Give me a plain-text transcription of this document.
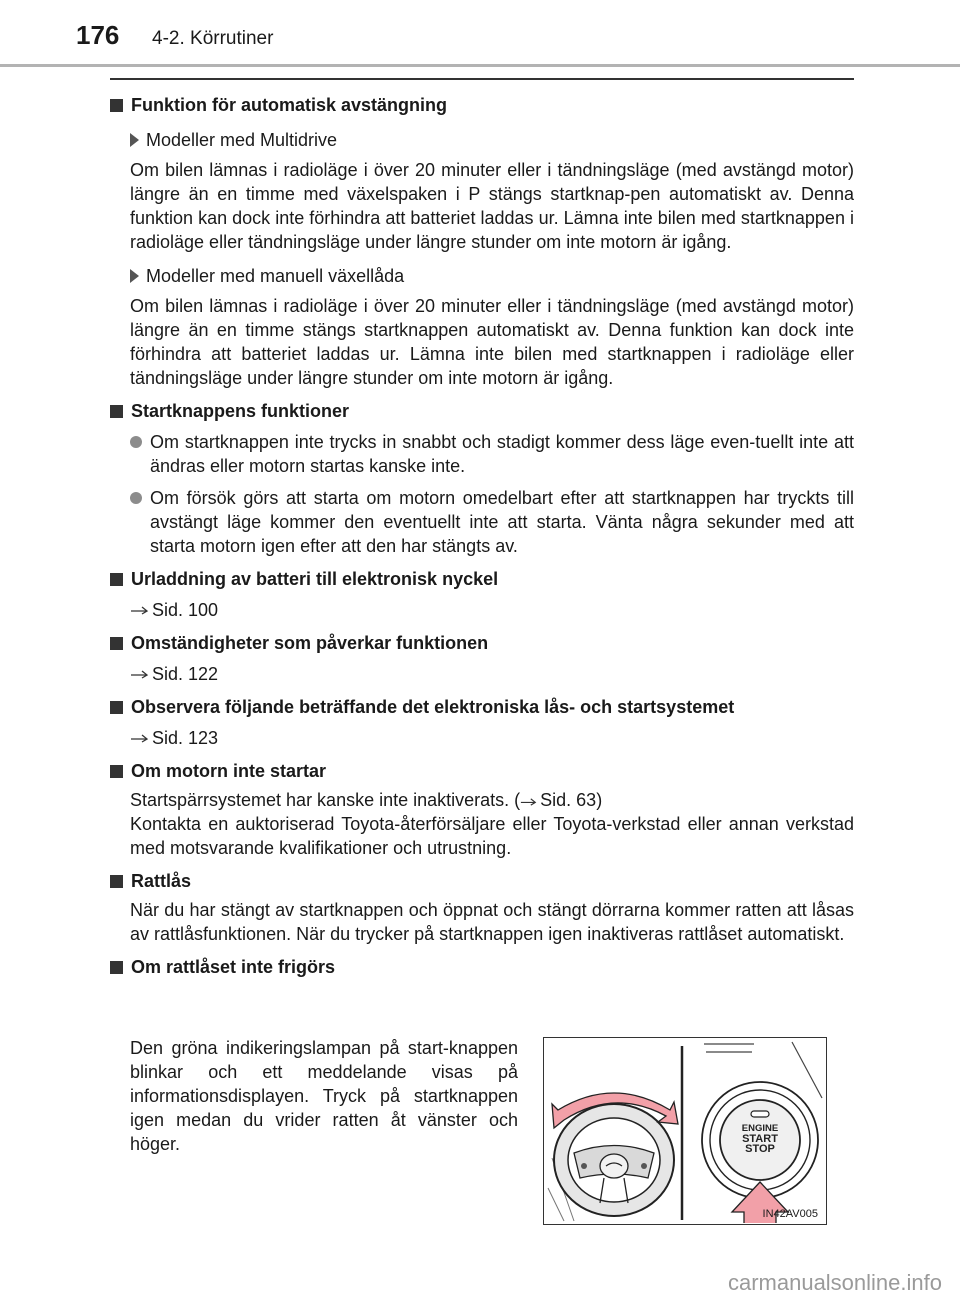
176 4-2. Körrutiner
Funktion för automatisk avstängning
Modeller med Multidrive
Om bilen lämnas i radioläge i över 20 minuter eller i tändningsläge (med avstängd motor) längre än en timme med växelspaken i P stängs startknap-pen automatiskt av. Denna funktion kan dock inte förhindra att batteriet laddas ur. Lämna inte bilen med startknappen i radioläge eller tändningsläge under längre stunder om inte motorn är igång.
Modeller med manuell växellåda
Om bilen lämnas i radioläge i över 20 minuter eller i tändningsläge (med avstängd motor) längre än en timme stängs startknappen automatiskt av. Denna funktion kan dock inte förhindra att batteriet laddas ur. Lämna inte bilen med startknappen i radioläge eller tändningsläge under längre stunder om inte motorn är igång.
Startknappens funktioner
Om startknappen inte trycks in snabbt och stadigt kommer dess läge even-tuellt inte att ändras eller motorn startas kanske inte.
Om försök görs att starta om motorn omedelbart efter att startknappen har tryckts till avstängt läge kommer den eventuellt inte att starta. Vänta några sekunder med att starta motorn igen efter att den har stängts av.
Urladdning av batteri till elektronisk nyckel
Sid. 100
Omständigheter som påverkar funktionen
Sid. 122
Observera följande beträffande det elektroniska lås- och startsystemet
Sid. 123
Om motorn inte startar
Startspärrsystemet har kanske inte inaktiverats. ( Sid. 63)
Kontakta en auktoriserad Toyota-återförsäljare eller Toyota-verkstad eller annan verkstad med motsvarande kvalifikationer och utrustning.
Rattlås
När du har stängt av startknappen och öppnat och stängt dörrarna kommer ratten att låsas av rattlåsfunktionen. När du trycker på startknappen igen inaktiveras rattlåset automatiskt.
Om rattlåset inte frigörs
Den gröna indikeringslampan på start-knappen blinkar och ett meddelande visas på informationsdisplayen. Tryck på startknappen igen medan du vrider ratten åt vänster och höger.
ENGINE
START
STOP
IN42AV005
carmanualsonline.info
